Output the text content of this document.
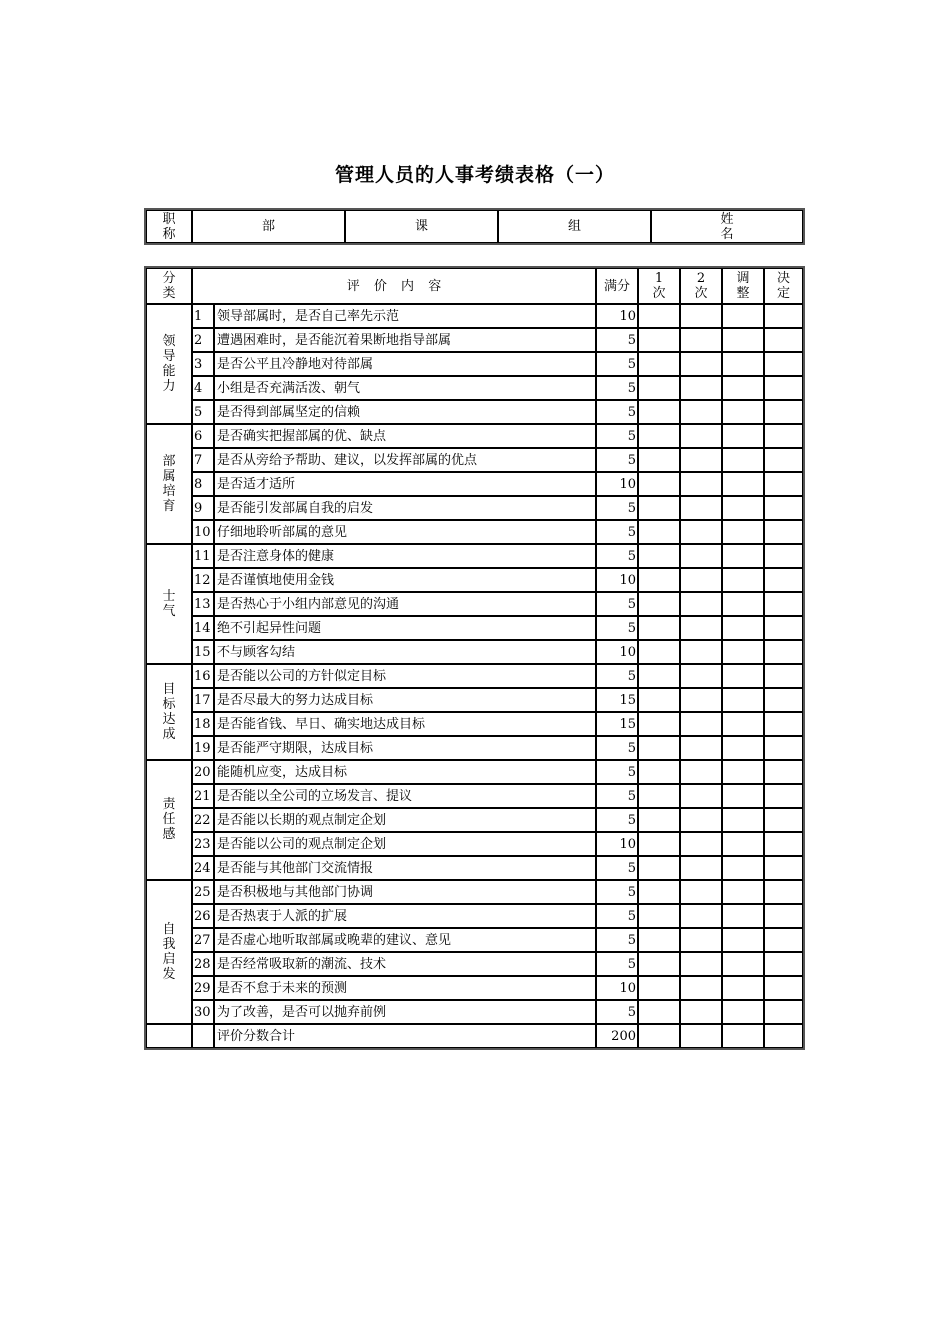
管理人员的人事考绩表格（一）
职称	部	课	组	姓名
分类	评 价 内 容		满分	1次	2次	调整	决定
领导能力	1	领导部属时，是否自己率先示范	10				
	2	遭遇困难时，是否能沉着果断地指导部属	5				
	3	是否公平且冷静地对待部属	5				
	4	小组是否充满活泼、朝气	5				
	5	是否得到部属坚定的信赖	5				
部属培育	6	是否确实把握部属的优、缺点	5				
	7	是否从旁给予帮助、建议，以发挥部属的优点	5				
	8	是否适才适所	10				
	9	是否能引发部属自我的启发	5				
	10	仔细地聆听部属的意见	5				
士气	11	是否注意身体的健康	5				
	12	是否谨慎地使用金钱	10				
	13	是否热心于小组内部意见的沟通	5				
	14	绝不引起异性问题	5				
	15	不与顾客勾结	10				
目标达成	16	是否能以公司的方针似定目标	5				
	17	是否尽最大的努力达成目标	15				
	18	是否能省钱、早日、确实地达成目标	15				
	19	是否能严守期限，达成目标	5				
责任感	20	能随机应变，达成目标	5				
	21	是否能以全公司的立场发言、提议	5				
	22	是否能以长期的观点制定企划	5				
	23	是否能以公司的观点制定企划	10				
	24	是否能与其他部门交流情报	5				
自我启发	25	是否积极地与其他部门协调	5				
	26	是否热衷于人派的扩展	5				
	27	是否虚心地听取部属或晚辈的建议、意见	5				
	28	是否经常吸取新的潮流、技术	5				
	29	是否不怠于未来的预测	10				
	30	为了改善，是否可以抛弃前例	5				
		评价分数合计	200				
